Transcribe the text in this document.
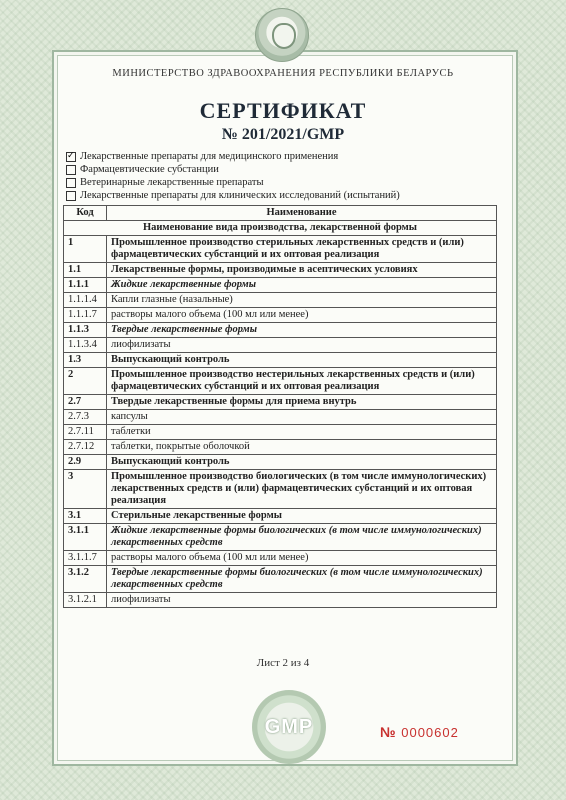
МИНИСТЕРСТВО ЗДРАВООХРАНЕНИЯ РЕСПУБЛИКИ БЕЛАРУСЬ
СЕРТИФИКАТ
№ 201/2021/GMP
✓
Лекарственные препараты для медицинского применения
Фармацевтические субстанции
Ветеринарные лекарственные препараты
Лекарственные препараты для клинических исследований (испытаний)
Код	Наименование
Наименование вида производства, лекарственной формы	
1	Промышленное производство стерильных лекарственных средств и (или) фармацевтических субстанций и их оптовая реализация
1.1	Лекарственные формы, производимые в асептических условиях
1.1.1	Жидкие лекарственные формы
1.1.1.4	Капли глазные (назальные)
1.1.1.7	растворы малого объема (100 мл или менее)
1.1.3	Твердые лекарственные формы
1.1.3.4	лиофилизаты
1.3	Выпускающий контроль
2	Промышленное производство нестерильных лекарственных средств и (или) фармацевтических субстанций и их оптовая реализация
2.7	Твердые лекарственные формы для приема внутрь
2.7.3	капсулы
2.7.11	таблетки
2.7.12	таблетки, покрытые оболочкой
2.9	Выпускающий контроль
3	Промышленное производство биологических (в том числе иммунологических) лекарственных средств и (или) фармацевтических субстанций и их оптовая реализация
3.1	Стерильные лекарственные формы
3.1.1	Жидкие лекарственные формы биологических (в том числе иммунологических) лекарственных средств
3.1.1.7	растворы малого объема (100 мл или менее)
3.1.2	Твердые лекарственные формы биологических (в том числе иммунологических) лекарственных средств
3.1.2.1	лиофилизаты
Лист 2 из 4
GMP	№ 0000602
